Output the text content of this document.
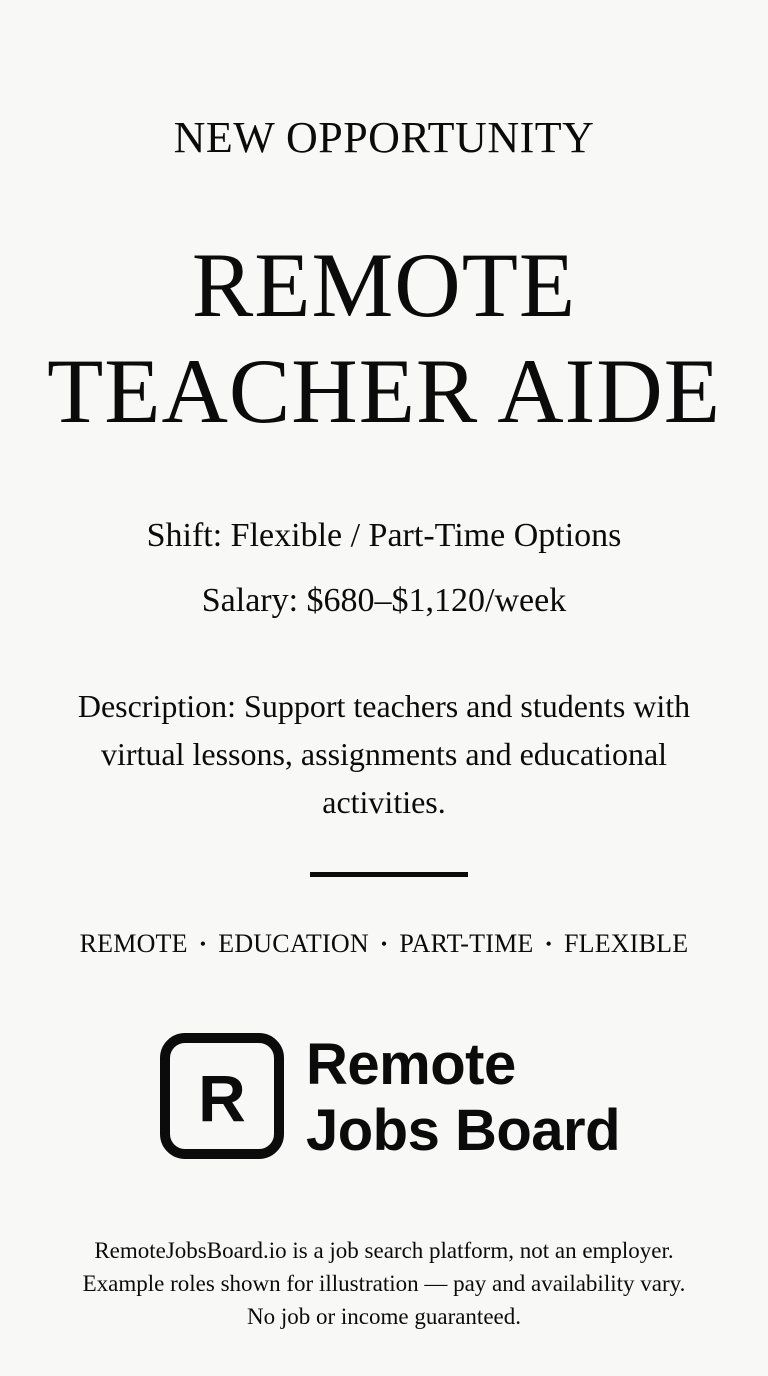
NEW OPPORTUNITY
REMOTE
TEACHER AIDE
Shift: Flexible / Part-Time Options
Salary: $680–$1,120/week
Description: Support teachers and students with virtual lessons, assignments and educational activities.
REMOTE • EDUCATION • PART-TIME • FLEXIBLE
R Remote
Jobs Board
RemoteJobsBoard.io is a job search platform, not an employer.
Example roles shown for illustration — pay and availability vary.
No job or income guaranteed.
